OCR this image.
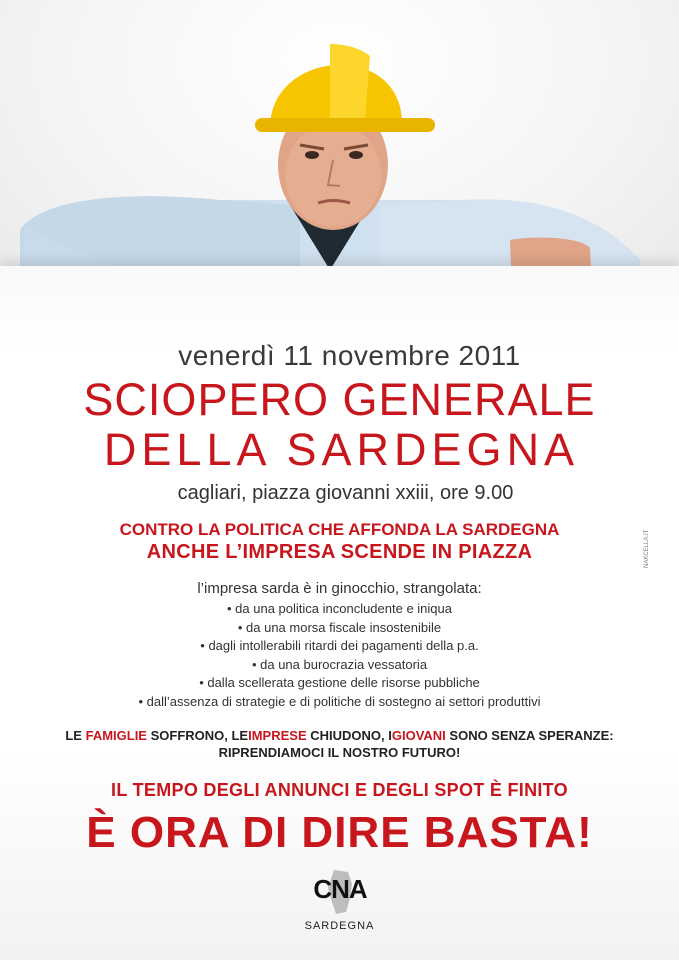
venerdì 11 novembre 2011
SCIOPERO GENERALE
DELLA SARDEGNA
cagliari, piazza giovanni xxiii, ore 9.00
CONTRO LA POLITICA CHE AFFONDA LA SARDEGNA
ANCHE L’IMPRESA SCENDE IN PIAZZA	NAKCELLA.IT
l’impresa sarda è in ginocchio, strangolata:
• da una politica inconcludente e iniqua
• da una morsa fiscale insostenibile
• dagli intollerabili ritardi dei pagamenti della p.a.
• da una burocrazia vessatoria
• dalla scellerata gestione delle risorse pubbliche
• dall’assenza di strategie e di politiche di sostegno ai settori produttivi
LE FAMIGLIE SOFFRONO, LEIMPRESE CHIUDONO, IGIOVANI SONO SENZA SPERANZE:
RIPRENDIAMOCI IL NOSTRO FUTURO!
IL TEMPO DEGLI ANNUNCI E DEGLI SPOT È FINITO
È ORA DI DIRE BASTA!
CNA
SARDEGNA
